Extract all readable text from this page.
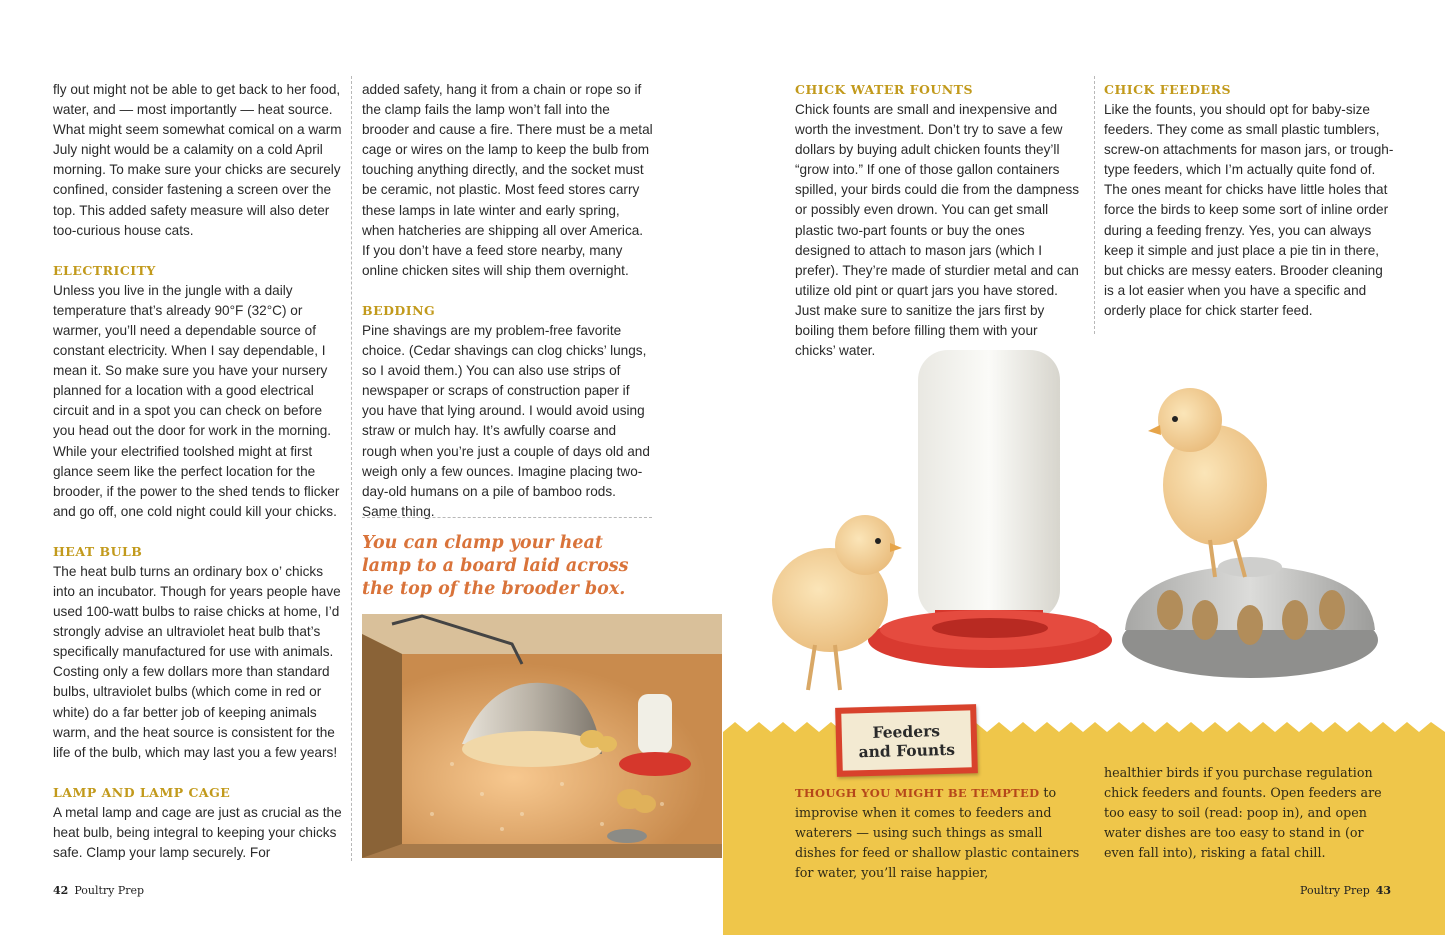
fly out might not be able to get back to her food, water, and — most importantly — heat source. What might seem somewhat comical on a warm July night would be a calamity on a cold April morning. To make sure your chicks are securely confined, consider fastening a screen over the top. This added safety measure will also deter too-curious house cats.

ELECTRICITY

Unless you live in the jungle with a daily temperature that’s already 90°F (32°C) or warmer, you’ll need a dependable source of constant electricity. When I say dependable, I mean it. So make sure you have your nursery planned for a location with a good electrical circuit and in a spot you can check on before you head out the door for work in the morning. While your electrified toolshed might at first glance seem like the perfect location for the brooder, if the power to the shed tends to flicker and go off, one cold night could kill your chicks.

HEAT BULB

The heat bulb turns an ordinary box o’ chicks into an incubator. Though for years people have used 100-watt bulbs to raise chicks at home, I’d strongly advise an ultraviolet heat bulb that’s specifically manufactured for use with animals. Costing only a few dollars more than standard bulbs, ultraviolet bulbs (which come in red or white) do a far better job of keeping animals warm, and the heat source is consistent for the life of the bulb, which may last you a few years!

LAMP AND LAMP CAGE

A metal lamp and cage are just as crucial as the heat bulb, being integral to keeping your chicks safe. Clamp your lamp securely. For

added safety, hang it from a chain or rope so if the clamp fails the lamp won’t fall into the brooder and cause a fire. There must be a metal cage or wires on the lamp to keep the bulb from touching anything directly, and the socket must be ceramic, not plastic. Most feed stores carry these lamps in late winter and early spring, when hatcheries are shipping all over America. If you don’t have a feed store nearby, many online chicken sites will ship them overnight.

BEDDING

Pine shavings are my problem-free favorite choice. (Cedar shavings can clog chicks’ lungs, so I avoid them.) You can also use strips of newspaper or scraps of construction paper if you have that lying around. I would avoid using straw or mulch hay. It’s awfully coarse and rough when you’re just a couple of days old and weigh only a few ounces. Imagine placing two-day-old humans on a pile of bamboo rods. Same thing.

You can clamp your heat lamp to a board laid across the top of the brooder box.
CHICK WATER FOUNTS

Chick founts are small and inexpensive and worth the investment. Don’t try to save a few dollars by buying adult chicken founts they’ll “grow into.” If one of those gallon containers spilled, your birds could die from the dampness or possibly even drown. You can get small plastic two-part founts or buy the ones designed to attach to mason jars (which I prefer). They’re made of sturdier metal and can utilize old pint or quart jars you have stored. Just make sure to sanitize the jars first by boiling them before filling them with your chicks’ water.

CHICK FEEDERS

Like the founts, you should opt for baby-size feeders. They come as small plastic tumblers, screw-on attachments for mason jars, or trough-type feeders, which I’m actually quite fond of. The ones meant for chicks have little holes that force the birds to keep some sort of inline order during a feeding frenzy. Yes, you can always keep it simple and just place a pie tin in there, but chicks are messy eaters. Brooder cleaning is a lot easier when you have a specific and orderly place for chick starter feed.

Feeders
and Founts
THOUGH YOU MIGHT BE TEMPTED to improvise when it comes to feeders and waterers — using such things as small dishes for feed or shallow plastic containers for water, you’ll raise happier,
healthier birds if you purchase regulation chick feeders and founts. Open feeders are too easy to soil (read: poop in), and open water dishes are too easy to stand in (or even fall into), risking a fatal chill.
42 Poultry Prep	Poultry Prep 43
